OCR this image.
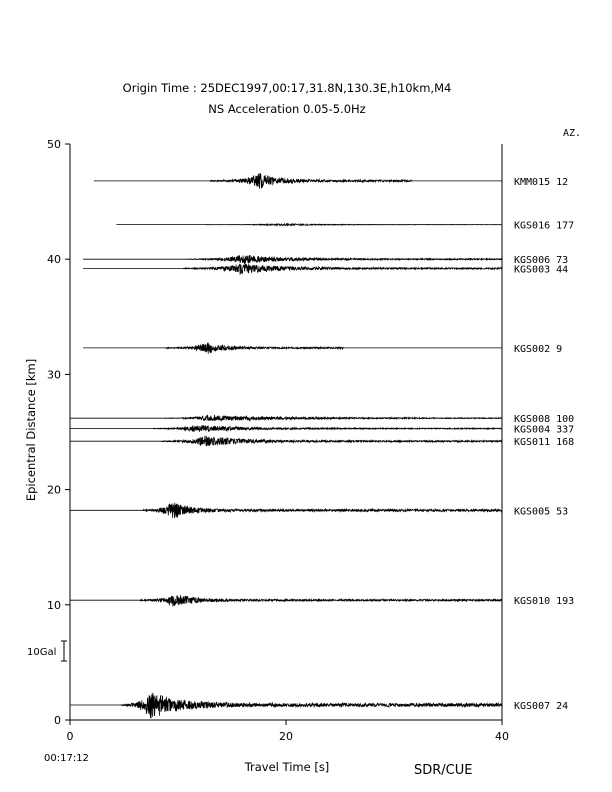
Origin Time : 25DEC1997,00:17,31.8N,130.3E,h10km,M4
NS Acceleration 0.05-5.0Hz
AZ.
KMM015 12
KGS016 177
KGS006 73
KGS003 44
KGS002 9
KGS008 100
KGS004 337
KGS011 168
KGS005 53
KGS010 193
KGS007 24
0
10
20
30
40
50
0	20	40
Epicentral Distance [km]
Travel Time [s]
00:17:12
SDR/CUE
10Gal
